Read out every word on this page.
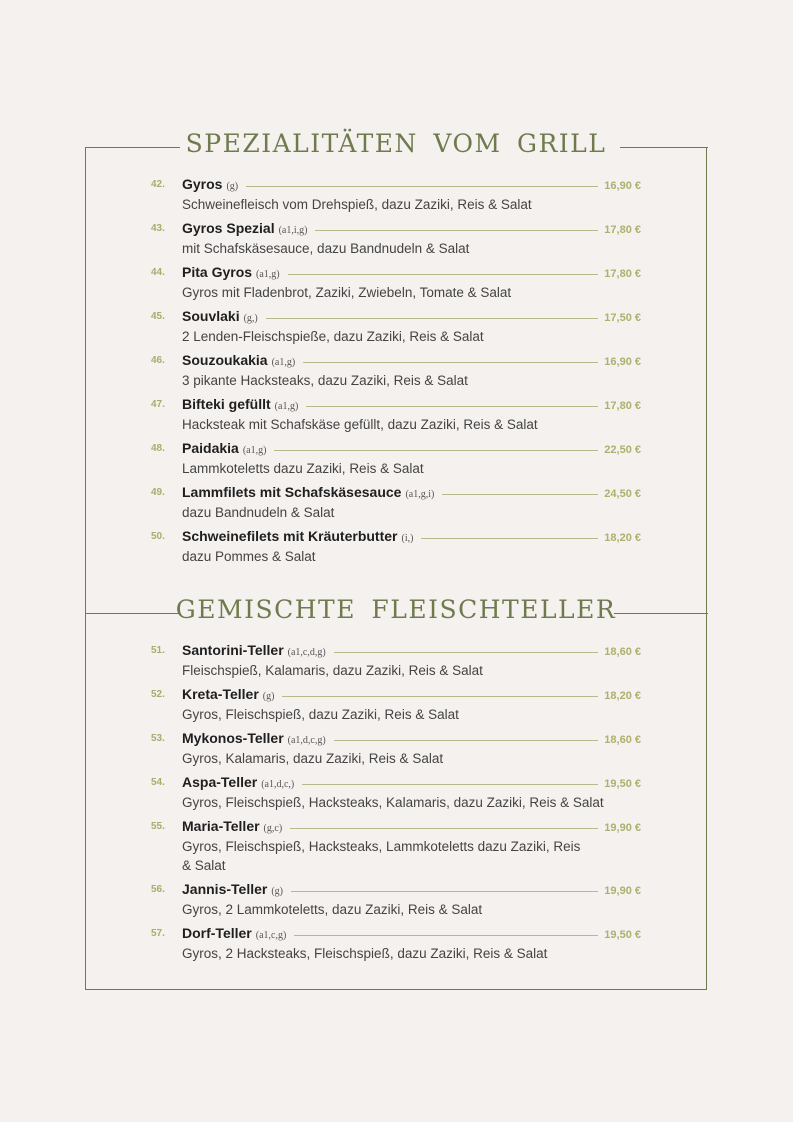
SPEZIALITÄTEN VOM GRILL
42. Gyros (g)	16,90 €
Schweinefleisch vom Drehspieß, dazu Zaziki, Reis & Salat
43. Gyros Spezial (a1,i,g)	17,80 €
mit Schafskäsesauce, dazu Bandnudeln & Salat
44. Pita Gyros (a1,g)	17,80 €
Gyros mit Fladenbrot, Zaziki, Zwiebeln, Tomate & Salat
45. Souvlaki (g,)	17,50 €
2 Lenden-Fleischspieße, dazu Zaziki, Reis & Salat
46. Souzoukakia (a1,g)	16,90 €
3 pikante Hacksteaks, dazu Zaziki, Reis & Salat
47. Bifteki gefüllt (a1,g)	17,80 €
Hacksteak mit Schafskäse gefüllt, dazu Zaziki, Reis & Salat
48. Paidakia (a1,g)	22,50 €
Lammkoteletts dazu Zaziki, Reis & Salat
49. Lammfilets mit Schafskäsesauce (a1,g,i)	24,50 €
dazu Bandnudeln & Salat
50. Schweinefilets mit Kräuterbutter (i,)	18,20 €
dazu Pommes & Salat
GEMISCHTE FLEISCHTELLER
51. Santorini-Teller (a1,c,d,g)	18,60 €
Fleischspieß, Kalamaris, dazu Zaziki, Reis & Salat
52. Kreta-Teller (g)	18,20 €
Gyros, Fleischspieß, dazu Zaziki, Reis & Salat
53. Mykonos-Teller (a1,d,c,g)	18,60 €
Gyros, Kalamaris, dazu Zaziki, Reis & Salat
54. Aspa-Teller (a1,d,c,)	19,50 €
Gyros, Fleischspieß, Hacksteaks, Kalamaris, dazu Zaziki, Reis & Salat
55. Maria-Teller (g,c)	19,90 €
Gyros, Fleischspieß, Hacksteaks, Lammkoteletts dazu Zaziki, Reis & Salat
56. Jannis-Teller (g)	19,90 €
Gyros, 2 Lammkoteletts, dazu Zaziki, Reis & Salat
57. Dorf-Teller (a1,c,g)	19,50 €
Gyros, 2 Hacksteaks, Fleischspieß, dazu Zaziki, Reis & Salat
